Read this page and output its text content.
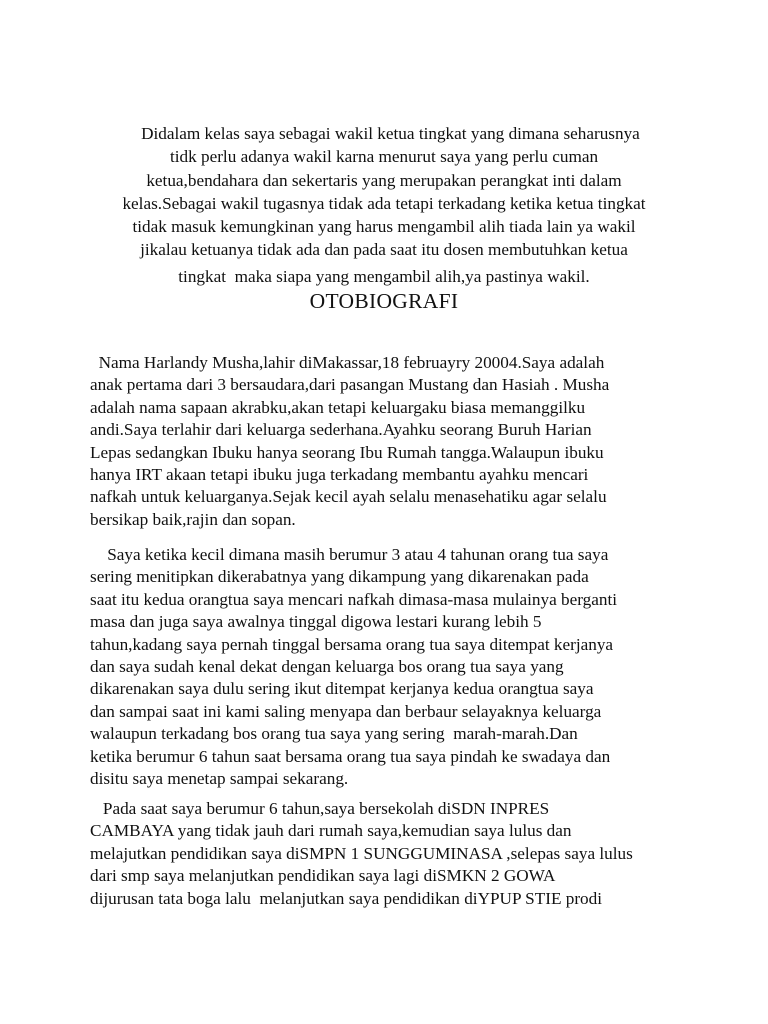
Didalam kelas saya sebagai wakil ketua tingkat yang dimana seharusnya
tidk perlu adanya wakil karna menurut saya yang perlu cuman
ketua,bendahara dan sekertaris yang merupakan perangkat inti dalam
kelas.Sebagai wakil tugasnya tidak ada tetapi terkadang ketika ketua tingkat
tidak masuk kemungkinan yang harus mengambil alih tiada lain ya wakil
jikalau ketuanya tidak ada dan pada saat itu dosen membutuhkan ketua
tingkat  maka siapa yang mengambil alih,ya pastinya wakil.
OTOBIOGRAFI
Nama Harlandy Musha,lahir diMakassar,18 februayry 20004.Saya adalah
anak pertama dari 3 bersaudara,dari pasangan Mustang dan Hasiah . Musha
adalah nama sapaan akrabku,akan tetapi keluargaku biasa memanggilku
andi.Saya terlahir dari keluarga sederhana.Ayahku seorang Buruh Harian
Lepas sedangkan Ibuku hanya seorang Ibu Rumah tangga.Walaupun ibuku
hanya IRT akaan tetapi ibuku juga terkadang membantu ayahku mencari
nafkah untuk keluarganya.Sejak kecil ayah selalu menasehatiku agar selalu
bersikap baik,rajin dan sopan.
Saya ketika kecil dimana masih berumur 3 atau 4 tahunan orang tua saya
sering menitipkan dikerabatnya yang dikampung yang dikarenakan pada
saat itu kedua orangtua saya mencari nafkah dimasa-masa mulainya berganti
masa dan juga saya awalnya tinggal digowa lestari kurang lebih 5
tahun,kadang saya pernah tinggal bersama orang tua saya ditempat kerjanya
dan saya sudah kenal dekat dengan keluarga bos orang tua saya yang
dikarenakan saya dulu sering ikut ditempat kerjanya kedua orangtua saya
dan sampai saat ini kami saling menyapa dan berbaur selayaknya keluarga
walaupun terkadang bos orang tua saya yang sering  marah-marah.Dan
ketika berumur 6 tahun saat bersama orang tua saya pindah ke swadaya dan
disitu saya menetap sampai sekarang.
Pada saat saya berumur 6 tahun,saya bersekolah diSDN INPRES
CAMBAYA yang tidak jauh dari rumah saya,kemudian saya lulus dan
melajutkan pendidikan saya diSMPN 1 SUNGGUMINASA ,selepas saya lulus
dari smp saya melanjutkan pendidikan saya lagi diSMKN 2 GOWA
dijurusan tata boga lalu  melanjutkan saya pendidikan diYPUP STIE prodi
